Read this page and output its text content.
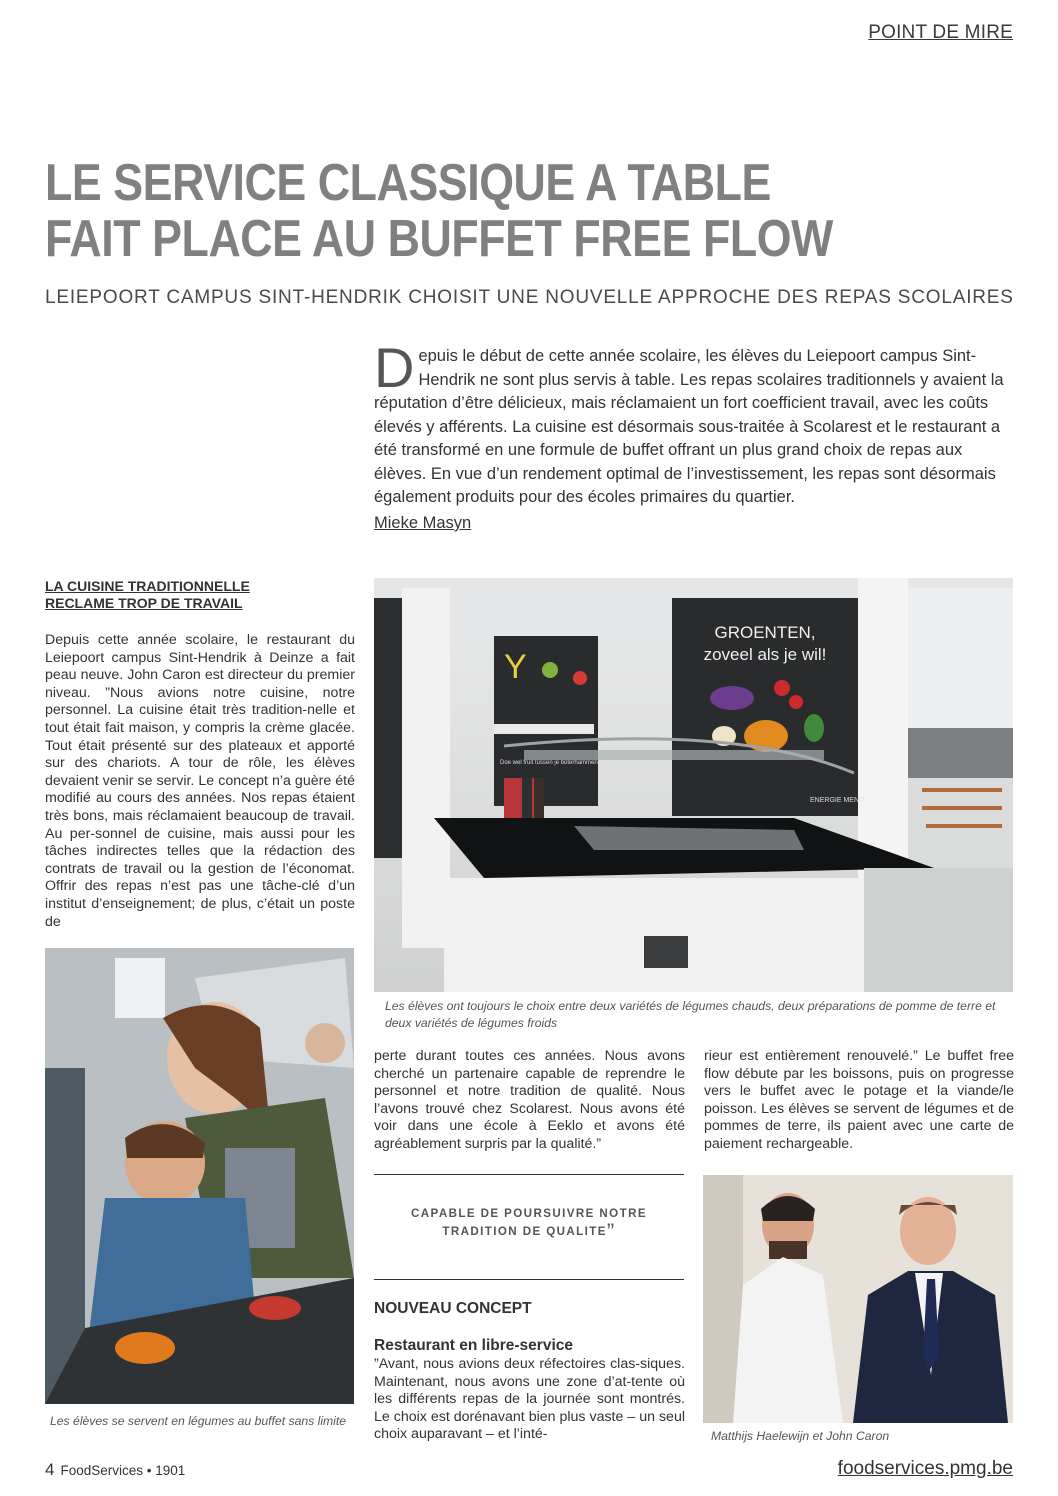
POINT DE MIRE
LE SERVICE CLASSIQUE A TABLE
FAIT PLACE AU BUFFET FREE FLOW
LEIEPOORT CAMPUS SINT-HENDRIK CHOISIT UNE NOUVELLE APPROCHE DES REPAS SCOLAIRES
Depuis le début de cette année scolaire, les élèves du Leiepoort campus Sint-Hendrik ne sont plus servis à table. Les repas scolaires traditionnels y avaient la réputation d’être délicieux, mais réclamaient un fort coefficient travail, avec les coûts élevés y afférents. La cuisine est désormais sous-traitée à Scolarest et le restaurant a été transformé en une formule de buffet offrant un plus grand choix de repas aux élèves. En vue d’un rendement optimal de l’investissement, les repas sont désormais également produits pour des écoles primaires du quartier.
Mieke Masyn
LA CUISINE TRADITIONNELLE
RECLAME TROP DE TRAVAIL

Depuis cette année scolaire, le restaurant du Leiepoort campus Sint-Hendrik à Deinze a fait peau neuve. John Caron est directeur du premier niveau. ”Nous avions notre cuisine, notre personnel. La cuisine était très tradition-nelle et tout était fait maison, y compris la crème glacée. Tout était présenté sur des plateaux et apporté sur des chariots. A tour de rôle, les élèves devaient venir se servir. Le concept n’a guère été modifié au cours des années. Nos repas étaient très bons, mais réclamaient beaucoup de travail. Au per-sonnel de cuisine, mais aussi pour les tâches indirectes telles que la rédaction des contrats de travail ou la gestion de l’économat. Offrir des repas n’est pas une tâche-clé d’un institut d’enseignement; de plus, c’était un poste de

GROENTEN,
zoveel als je wil!
ENERGIE MENU
Y
Doe wel fruit tussen je boterhammen!
Les élèves ont toujours le choix entre deux variétés de légumes chauds, deux préparations de pomme de terre et deux variétés de légumes froids
Les élèves se servent en légumes au buffet sans limite

perte durant toutes ces années. Nous avons cherché un partenaire capable de reprendre le personnel et notre tradition de qualité. Nous l’avons trouvé chez Scolarest. Nous avons été voir dans une école à Eeklo et avons été agréablement surpris par la qualité.”

rieur est entièrement renouvelé.” Le buffet free flow débute par les boissons, puis on progresse vers le buffet avec le potage et la viande/le poisson. Les élèves se servent de légumes et de pommes de terre, ils paient avec une carte de paiement rechargeable.

CAPABLE DE POURSUIVRE NOTRE TRADITION DE QUALITE”
NOUVEAU CONCEPT
Restaurant en libre-service

”Avant, nous avions deux réfectoires clas-siques. Maintenant, nous avons une zone d’at-tente où les différents repas de la journée sont montrés. Le choix est dorénavant bien plus vaste – un seul choix auparavant – et l’inté-	Matthijs Haelewijn et John Caron
4 FoodServices • 1901	foodservices.pmg.be
